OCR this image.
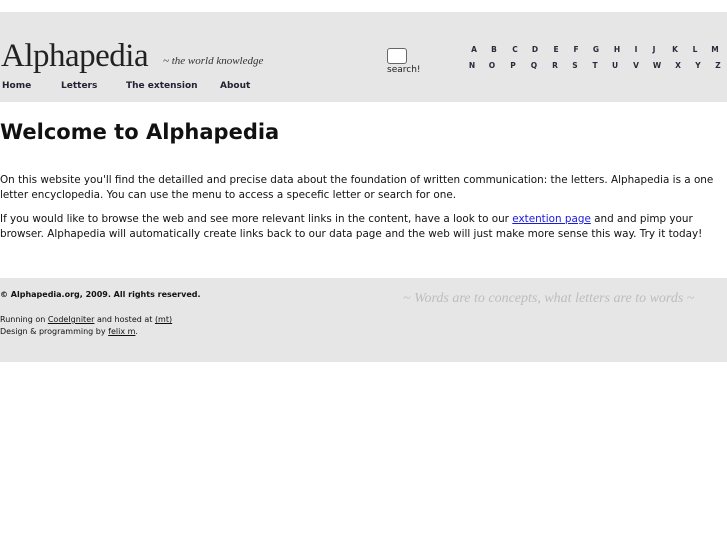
Alphapedia ~ the world knowledge
Home	Letters	The extension About
search!
A	B	C	D	E	F	G	H	I	J	K	L	M
N	O	P	Q	R	S	T	U	V	W	X	Y	Z
Welcome to Alphapedia

On this website you'll find the detailled and precise data about the foundation of written communication: the letters. Alphapedia is a one letter encyclopedia. You can use the menu to access a specefic letter or search for one.

If you would like to browse the web and see more relevant links in the content, have a look to our extention page and and pimp your browser. Alphapedia will automatically create links back to our data page and the web will just make more sense this way. Try it today!

© Alphapedia.org, 2009. All rights reserved.
Running on CodeIgniter and hosted at (mt)
Design & programming by felix m.
~ Words are to concepts, what letters are to words ~
